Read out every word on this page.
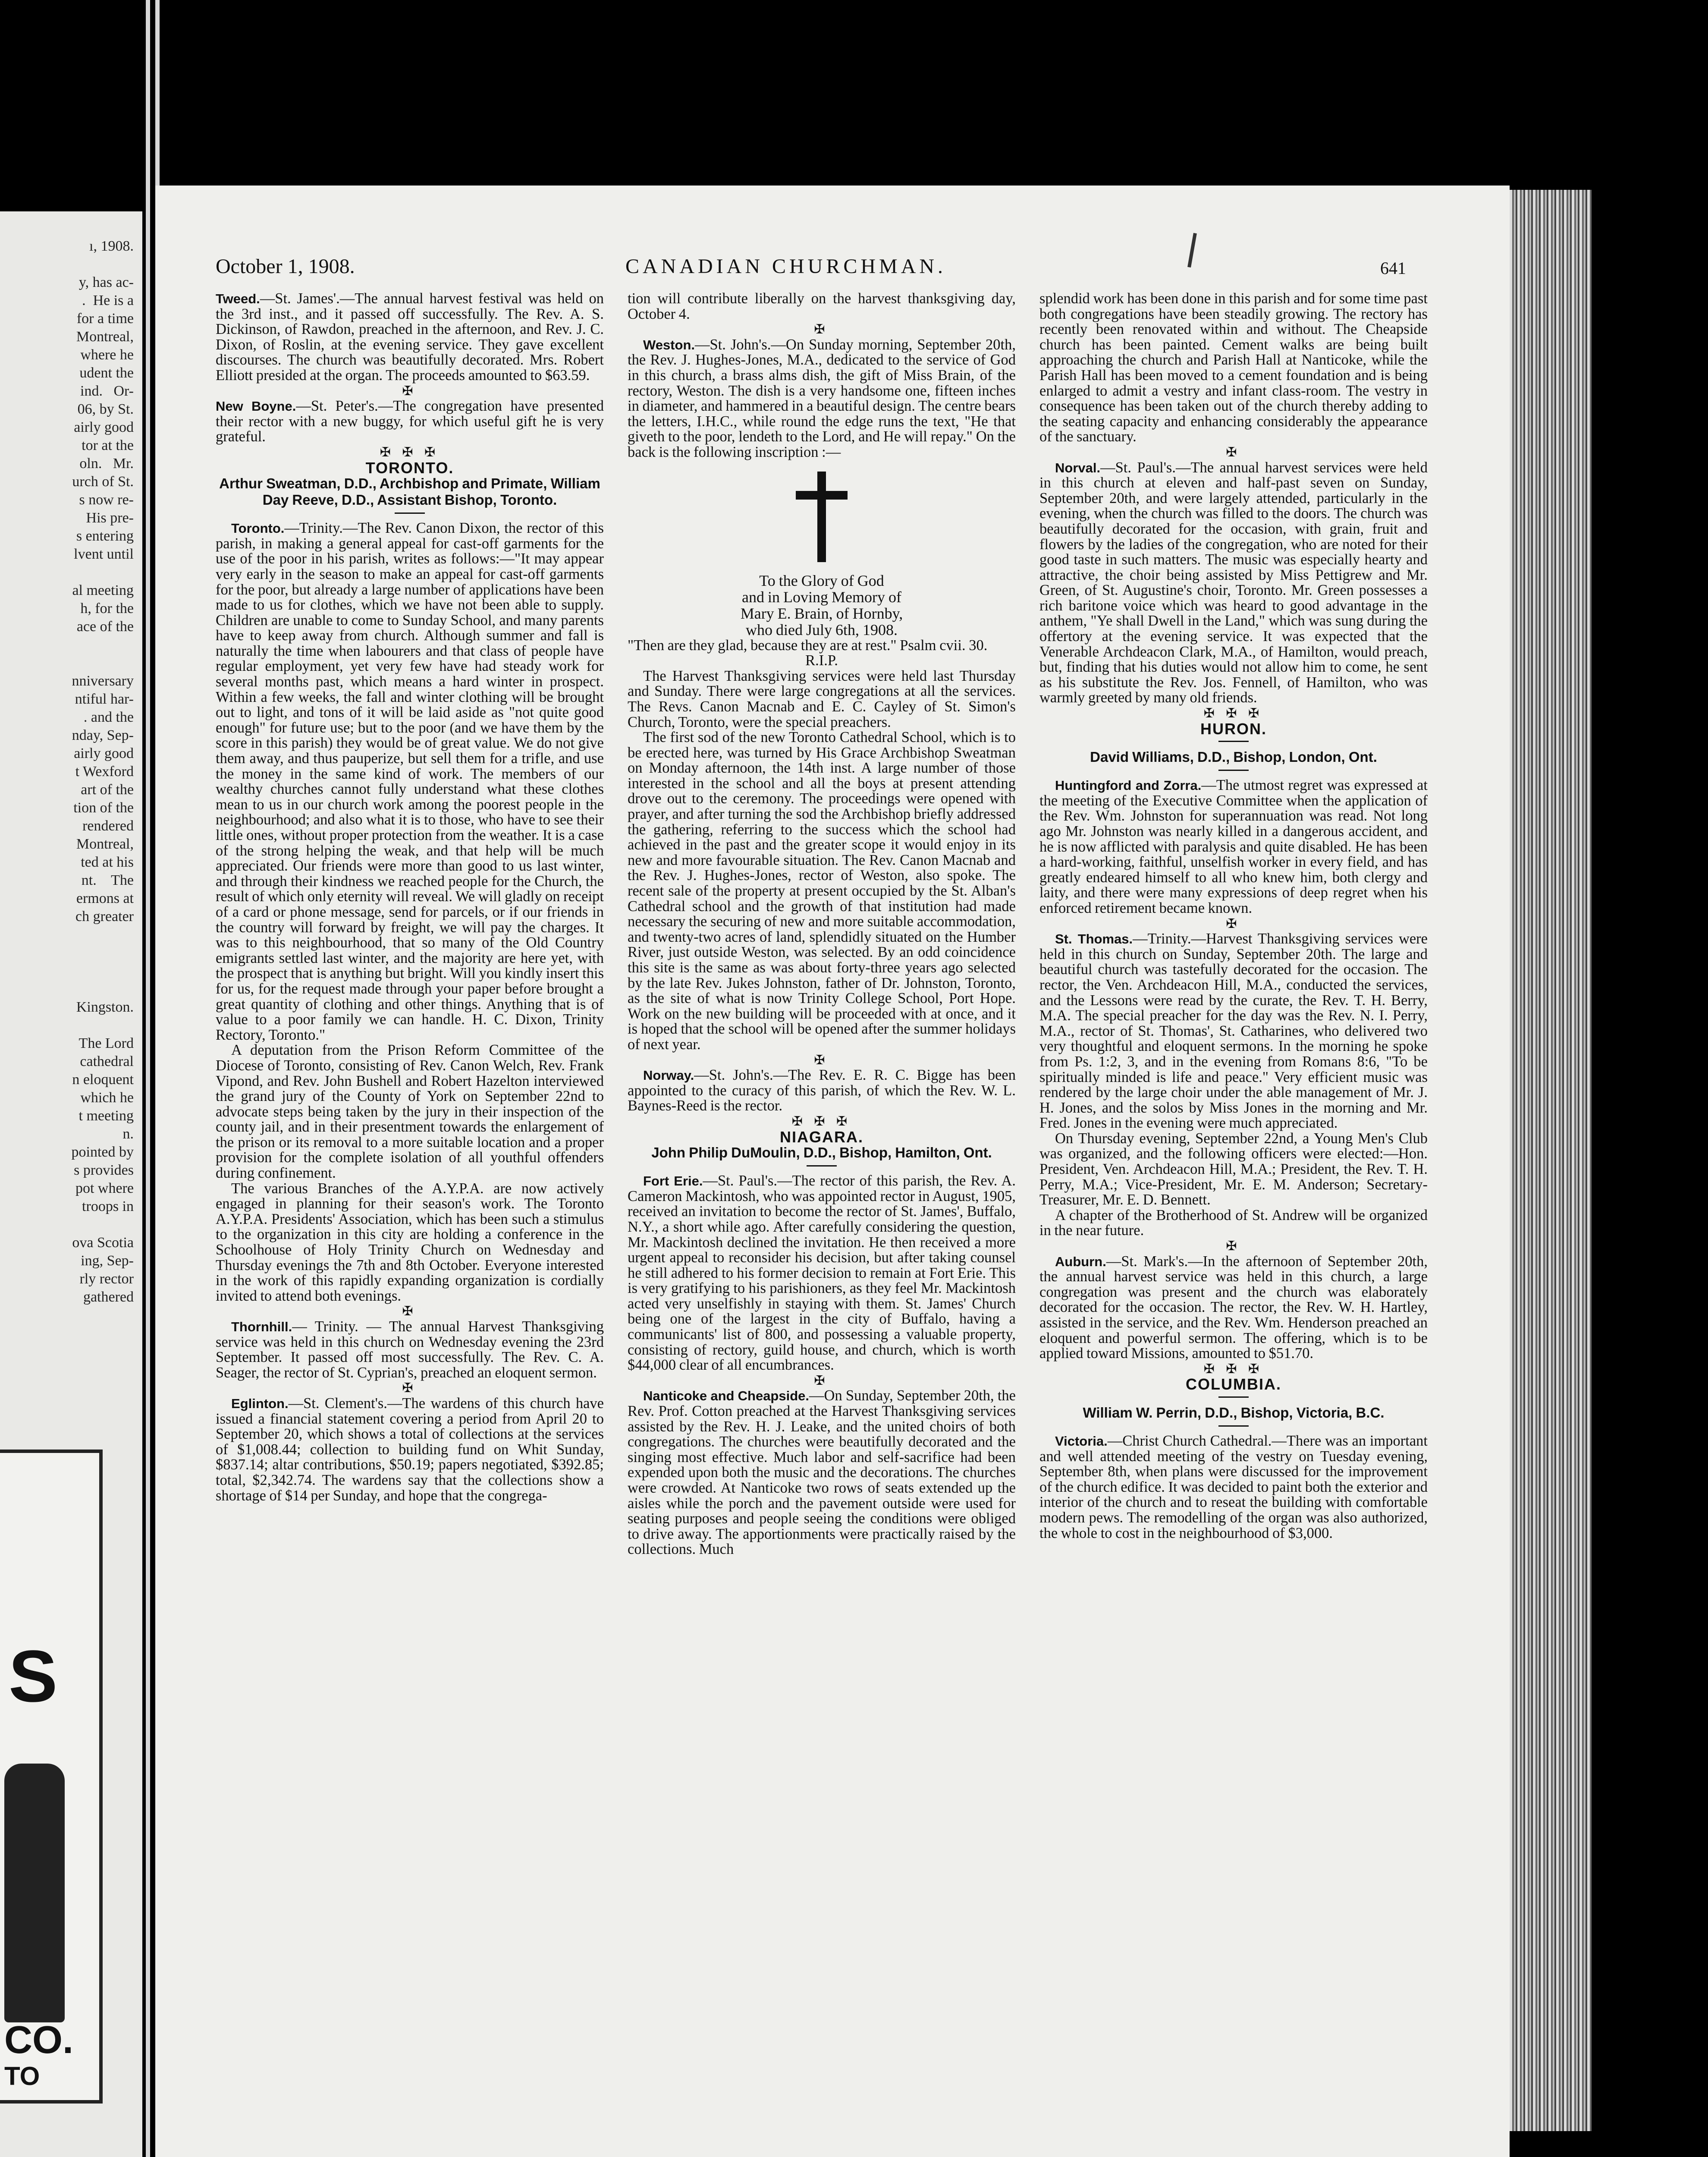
ı, 1908.

y, has ac-
.  He is a
for a time
Montreal,
where he
udent the
ind.   Or-
06, by St.
airly good
tor at the
oln.   Mr.
urch of St.
s now re-
His pre-
s entering
lvent until

al meeting
h, for the
ace of the

nniversary
ntiful har-
. and the
nday, Sep-
airly good
t Wexford
art of the
tion of the
rendered
Montreal,
ted at his
nt.    The
ermons at
ch greater

Kingston.

The Lord
cathedral
n eloquent
which he
t meeting
n.
pointed by
s provides
pot where
troops in

ova Scotia
ing, Sep-
rly rector
gathered
S
CO.
TO
October 1, 1908.	CANADIAN CHURCHMAN.	641

Tweed.—St. James'.—The annual harvest festival was held on the 3rd inst., and it passed off successfully. The Rev. A. S. Dickinson, of Rawdon, preached in the afternoon, and Rev. J. C. Dixon, of Roslin, at the evening service. They gave excellent discourses. The church was beautifully decorated. Mrs. Robert Elliott presided at the organ. The proceeds amounted to $63.59.

✠

New Boyne.—St. Peter's.—The congregation have presented their rector with a new buggy, for which useful gift he is very grateful.

✠ ✠ ✠

TORONTO.

Arthur Sweatman, D.D., Archbishop and Primate, William Day Reeve, D.D., Assistant Bishop, Toronto.

Toronto.—Trinity.—The Rev. Canon Dixon, the rector of this parish, in making a general appeal for cast-off garments for the use of the poor in his parish, writes as follows:—"It may appear very early in the season to make an appeal for cast-off garments for the poor, but already a large number of applications have been made to us for clothes, which we have not been able to supply. Children are unable to come to Sunday School, and many parents have to keep away from church. Although summer and fall is naturally the time when labourers and that class of people have regular employment, yet very few have had steady work for several months past, which means a hard winter in prospect. Within a few weeks, the fall and winter clothing will be brought out to light, and tons of it will be laid aside as "not quite good enough" for future use; but to the poor (and we have them by the score in this parish) they would be of great value. We do not give them away, and thus pauperize, but sell them for a trifle, and use the money in the same kind of work. The members of our wealthy churches cannot fully understand what these clothes mean to us in our church work among the poorest people in the neighbourhood; and also what it is to those, who have to see their little ones, without proper protection from the weather. It is a case of the strong helping the weak, and that help will be much appreciated. Our friends were more than good to us last winter, and through their kindness we reached people for the Church, the result of which only eternity will reveal. We will gladly on receipt of a card or phone message, send for parcels, or if our friends in the country will forward by freight, we will pay the charges. It was to this neighbourhood, that so many of the Old Country emigrants settled last winter, and the majority are here yet, with the prospect that is anything but bright. Will you kindly insert this for us, for the request made through your paper before brought a great quantity of clothing and other things. Anything that is of value to a poor family we can handle. H. C. Dixon, Trinity Rectory, Toronto."

A deputation from the Prison Reform Committee of the Diocese of Toronto, consisting of Rev. Canon Welch, Rev. Frank Vipond, and Rev. John Bushell and Robert Hazelton interviewed the grand jury of the County of York on September 22nd to advocate steps being taken by the jury in their inspection of the county jail, and in their presentment towards the enlargement of the prison or its removal to a more suitable location and a proper provision for the complete isolation of all youthful offenders during confinement.

The various Branches of the A.Y.P.A. are now actively engaged in planning for their season's work. The Toronto A.Y.P.A. Presidents' Association, which has been such a stimulus to the organization in this city are holding a conference in the Schoolhouse of Holy Trinity Church on Wednesday and Thursday evenings the 7th and 8th October. Everyone interested in the work of this rapidly expanding organization is cordially invited to attend both evenings.

✠

Thornhill.— Trinity. — The annual Harvest Thanksgiving service was held in this church on Wednesday evening the 23rd September. It passed off most successfully. The Rev. C. A. Seager, the rector of St. Cyprian's, preached an eloquent sermon.

✠

Eglinton.—St. Clement's.—The wardens of this church have issued a financial statement covering a period from April 20 to September 20, which shows a total of collections at the services of $1,008.44; collection to building fund on Whit Sunday, $837.14; altar contributions, $50.19; papers negotiated, $392.85; total, $2,342.74. The wardens say that the collections show a shortage of $14 per Sunday, and hope that the congrega-

tion will contribute liberally on the harvest thanksgiving day, October 4.

✠

Weston.—St. John's.—On Sunday morning, September 20th, the Rev. J. Hughes-Jones, M.A., dedicated to the service of God in this church, a brass alms dish, the gift of Miss Brain, of the rectory, Weston. The dish is a very handsome one, fifteen inches in diameter, and hammered in a beautiful design. The centre bears the letters, I.H.C., while round the edge runs the text, "He that giveth to the poor, lendeth to the Lord, and He will repay." On the back is the following inscription :—

To the Glory of God

and in Loving Memory of

Mary E. Brain, of Hornby,

who died July 6th, 1908.

"Then are they glad, because they are at rest." Psalm cvii. 30.

R.I.P.

The Harvest Thanksgiving services were held last Thursday and Sunday. There were large congregations at all the services. The Revs. Canon Macnab and E. C. Cayley of St. Simon's Church, Toronto, were the special preachers.

The first sod of the new Toronto Cathedral School, which is to be erected here, was turned by His Grace Archbishop Sweatman on Monday afternoon, the 14th inst. A large number of those interested in the school and all the boys at present attending drove out to the ceremony. The proceedings were opened with prayer, and after turning the sod the Archbishop briefly addressed the gathering, referring to the success which the school had achieved in the past and the greater scope it would enjoy in its new and more favourable situation. The Rev. Canon Macnab and the Rev. J. Hughes-Jones, rector of Weston, also spoke. The recent sale of the property at present occupied by the St. Alban's Cathedral school and the growth of that institution had made necessary the securing of new and more suitable accommodation, and twenty-two acres of land, splendidly situated on the Humber River, just outside Weston, was selected. By an odd coincidence this site is the same as was about forty-three years ago selected by the late Rev. Jukes Johnston, father of Dr. Johnston, Toronto, as the site of what is now Trinity College School, Port Hope. Work on the new building will be proceeded with at once, and it is hoped that the school will be opened after the summer holidays of next year.

✠

Norway.—St. John's.—The Rev. E. R. C. Bigge has been appointed to the curacy of this parish, of which the Rev. W. L. Baynes-Reed is the rector.

✠ ✠ ✠

NIAGARA.

John Philip DuMoulin, D.D., Bishop, Hamilton, Ont.

Fort Erie.—St. Paul's.—The rector of this parish, the Rev. A. Cameron Mackintosh, who was appointed rector in August, 1905, received an invitation to become the rector of St. James', Buffalo, N.Y., a short while ago. After carefully considering the question, Mr. Mackintosh declined the invitation. He then received a more urgent appeal to reconsider his decision, but after taking counsel he still adhered to his former decision to remain at Fort Erie. This is very gratifying to his parishioners, as they feel Mr. Mackintosh acted very unselfishly in staying with them. St. James' Church being one of the largest in the city of Buffalo, having a communicants' list of 800, and possessing a valuable property, consisting of rectory, guild house, and church, which is worth $44,000 clear of all encumbrances.

✠

Nanticoke and Cheapside.—On Sunday, September 20th, the Rev. Prof. Cotton preached at the Harvest Thanksgiving services assisted by the Rev. H. J. Leake, and the united choirs of both congregations. The churches were beautifully decorated and the singing most effective. Much labor and self-sacrifice had been expended upon both the music and the decorations. The churches were crowded. At Nanticoke two rows of seats extended up the aisles while the porch and the pavement outside were used for seating purposes and people seeing the conditions were obliged to drive away. The apportionments were practically raised by the collections. Much

splendid work has been done in this parish and for some time past both congregations have been steadily growing. The rectory has recently been renovated within and without. The Cheapside church has been painted. Cement walks are being built approaching the church and Parish Hall at Nanticoke, while the Parish Hall has been moved to a cement foundation and is being enlarged to admit a vestry and infant class-room. The vestry in consequence has been taken out of the church thereby adding to the seating capacity and enhancing considerably the appearance of the sanctuary.

✠

Norval.—St. Paul's.—The annual harvest services were held in this church at eleven and half-past seven on Sunday, September 20th, and were largely attended, particularly in the evening, when the church was filled to the doors. The church was beautifully decorated for the occasion, with grain, fruit and flowers by the ladies of the congregation, who are noted for their good taste in such matters. The music was especially hearty and attractive, the choir being assisted by Miss Pettigrew and Mr. Green, of St. Augustine's choir, Toronto. Mr. Green possesses a rich baritone voice which was heard to good advantage in the anthem, "Ye shall Dwell in the Land," which was sung during the offertory at the evening service. It was expected that the Venerable Archdeacon Clark, M.A., of Hamilton, would preach, but, finding that his duties would not allow him to come, he sent as his substitute the Rev. Jos. Fennell, of Hamilton, who was warmly greeted by many old friends.

✠ ✠ ✠

HURON.

David Williams, D.D., Bishop, London, Ont.

Huntingford and Zorra.—The utmost regret was expressed at the meeting of the Executive Committee when the application of the Rev. Wm. Johnston for superannuation was read. Not long ago Mr. Johnston was nearly killed in a dangerous accident, and he is now afflicted with paralysis and quite disabled. He has been a hard-working, faithful, unselfish worker in every field, and has greatly endeared himself to all who knew him, both clergy and laity, and there were many expressions of deep regret when his enforced retirement became known.

✠

St. Thomas.—Trinity.—Harvest Thanksgiving services were held in this church on Sunday, September 20th. The large and beautiful church was tastefully decorated for the occasion. The rector, the Ven. Archdeacon Hill, M.A., conducted the services, and the Lessons were read by the curate, the Rev. T. H. Berry, M.A. The special preacher for the day was the Rev. N. I. Perry, M.A., rector of St. Thomas', St. Catharines, who delivered two very thoughtful and eloquent sermons. In the morning he spoke from Ps. 1:2, 3, and in the evening from Romans 8:6, "To be spiritually minded is life and peace." Very efficient music was rendered by the large choir under the able management of Mr. J. H. Jones, and the solos by Miss Jones in the morning and Mr. Fred. Jones in the evening were much appreciated.

On Thursday evening, September 22nd, a Young Men's Club was organized, and the following officers were elected:—Hon. President, Ven. Archdeacon Hill, M.A.; President, the Rev. T. H. Perry, M.A.; Vice-President, Mr. E. M. Anderson; Secretary-Treasurer, Mr. E. D. Bennett.

A chapter of the Brotherhood of St. Andrew will be organized in the near future.

✠

Auburn.—St. Mark's.—In the afternoon of September 20th, the annual harvest service was held in this church, a large congregation was present and the church was elaborately decorated for the occasion. The rector, the Rev. W. H. Hartley, assisted in the service, and the Rev. Wm. Henderson preached an eloquent and powerful sermon. The offering, which is to be applied toward Missions, amounted to $51.70.

✠ ✠ ✠

COLUMBIA.

William W. Perrin, D.D., Bishop, Victoria, B.C.

Victoria.—Christ Church Cathedral.—There was an important and well attended meeting of the vestry on Tuesday evening, September 8th, when plans were discussed for the improvement of the church edifice. It was decided to paint both the exterior and interior of the church and to reseat the building with comfortable modern pews. The remodelling of the organ was also authorized, the whole to cost in the neighbourhood of $3,000.
